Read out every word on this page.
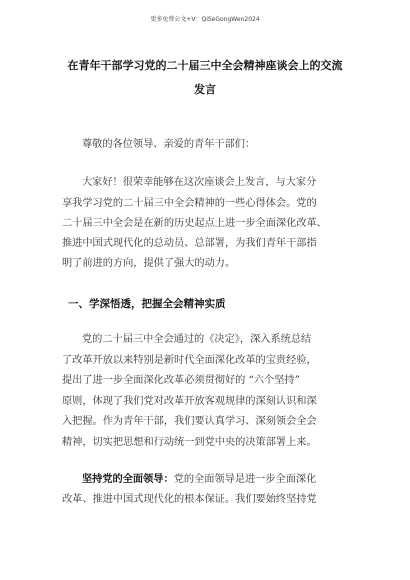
更多免费公文+V：QiSeGongWen2024
在青年干部学习党的二十届三中全会精神座谈会上的交流
发言
尊敬的各位领导、亲爱的青年干部们：
大家好！很荣幸能够在这次座谈会上发言，与大家分
享我学习党的二十届三中全会精神的一些心得体会。党的
二十届三中全会是在新的历史起点上进一步全面深化改革、
推进中国式现代化的总动员、总部署，为我们青年干部指
明了前进的方向，提供了强大的动力。
一、学深悟透，把握全会精神实质
党的二十届三中全会通过的《决定》，深入系统总结
了改革开放以来特别是新时代全面深化改革的宝贵经验，
提出了进一步全面深化改革必须贯彻好的 “六个坚持”
原则，体现了我们党对改革开放客观规律的深刻认识和深
入把握。作为青年干部，我们要认真学习、深刻领会全会
精神，切实把思想和行动统一到党中央的决策部署上来。
坚持党的全面领导：党的全面领导是进一步全面深化
改革、推进中国式现代化的根本保证。我们要始终坚持党
